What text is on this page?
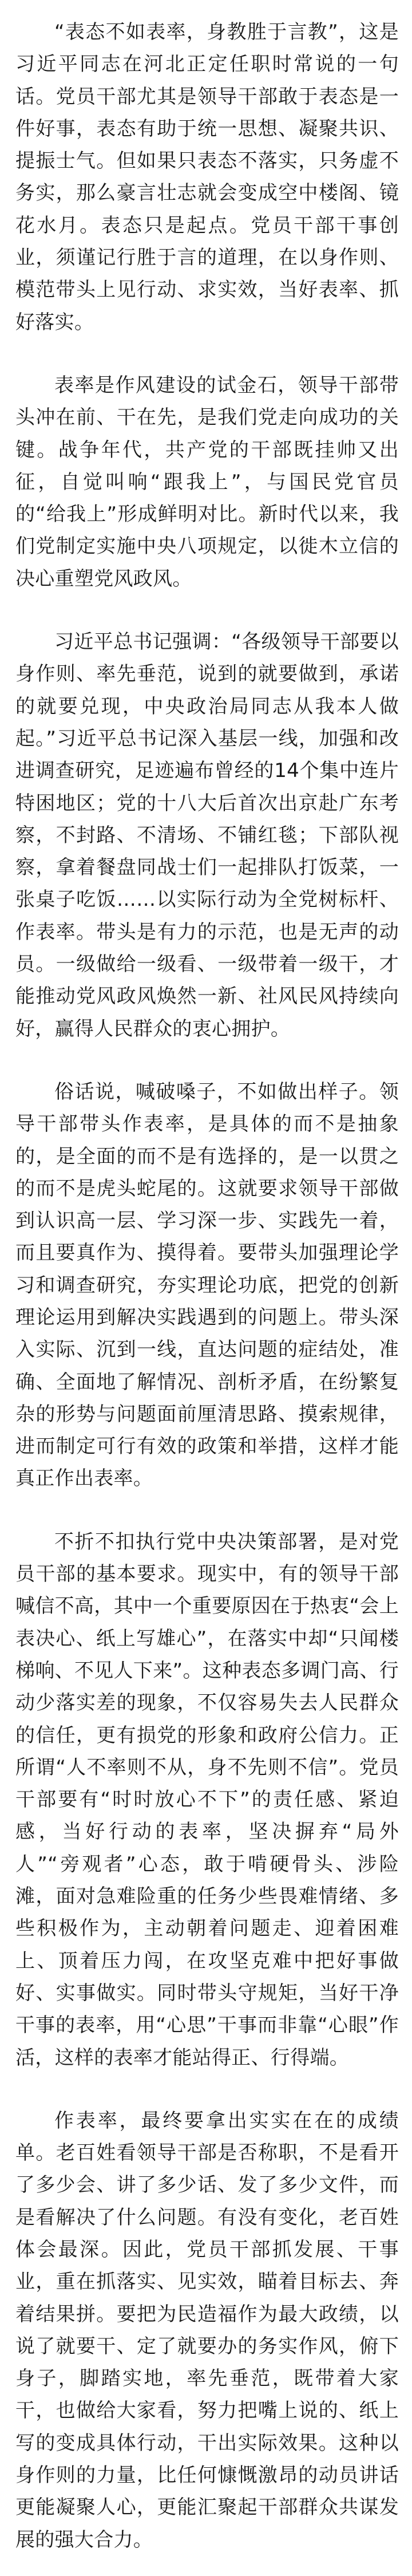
“表态不如表率，身教胜于言教”，这是习近平同志在河北正定任职时常说的一句话。党员干部尤其是领导干部敢于表态是一件好事，表态有助于统一思想、凝聚共识、提振士气。但如果只表态不落实，只务虚不务实，那么豪言壮志就会变成空中楼阁、镜花水月。表态只是起点。党员干部干事创业，须谨记行胜于言的道理，在以身作则、模范带头上见行动、求实效，当好表率、抓好落实。

表率是作风建设的试金石，领导干部带头冲在前、干在先，是我们党走向成功的关键。战争年代，共产党的干部既挂帅又出征，自觉叫响“跟我上”，与国民党官员的“给我上”形成鲜明对比。新时代以来，我们党制定实施中央八项规定，以徙木立信的决心重塑党风政风。

习近平总书记强调：“各级领导干部要以身作则、率先垂范，说到的就要做到，承诺的就要兑现，中央政治局同志从我本人做起。”习近平总书记深入基层一线，加强和改进调查研究，足迹遍布曾经的14个集中连片特困地区；党的十八大后首次出京赴广东考察，不封路、不清场、不铺红毯；下部队视察，拿着餐盘同战士们一起排队打饭菜，一张桌子吃饭……以实际行动为全党树标杆、作表率。带头是有力的示范，也是无声的动员。一级做给一级看、一级带着一级干，才能推动党风政风焕然一新、社风民风持续向好，赢得人民群众的衷心拥护。

俗话说，喊破嗓子，不如做出样子。领导干部带头作表率，是具体的而不是抽象的，是全面的而不是有选择的，是一以贯之的而不是虎头蛇尾的。这就要求领导干部做到认识高一层、学习深一步、实践先一着，而且要真作为、摸得着。要带头加强理论学习和调查研究，夯实理论功底，把党的创新理论运用到解决实践遇到的问题上。带头深入实际、沉到一线，直达问题的症结处，准确、全面地了解情况、剖析矛盾，在纷繁复杂的形势与问题面前厘清思路、摸索规律，进而制定可行有效的政策和举措，这样才能真正作出表率。

不折不扣执行党中央决策部署，是对党员干部的基本要求。现实中，有的领导干部喊信不高，其中一个重要原因在于热衷“会上表决心、纸上写雄心”，在落实中却“只闻楼梯响、不见人下来”。这种表态多调门高、行动少落实差的现象，不仅容易失去人民群众的信任，更有损党的形象和政府公信力。正所谓“人不率则不从，身不先则不信”。党员干部要有“时时放心不下”的责任感、紧迫感，当好行动的表率，坚决摒弃“局外人”“旁观者”心态，敢于啃硬骨头、涉险滩，面对急难险重的任务少些畏难情绪、多些积极作为，主动朝着问题走、迎着困难上、顶着压力闯，在攻坚克难中把好事做好、实事做实。同时带头守规矩，当好干净干事的表率，用“心思”干事而非靠“心眼”作活，这样的表率才能站得正、行得端。

作表率，最终要拿出实实在在的成绩单。老百姓看领导干部是否称职，不是看开了多少会、讲了多少话、发了多少文件，而是看解决了什么问题。有没有变化，老百姓体会最深。因此，党员干部抓发展、干事业，重在抓落实、见实效，瞄着目标去、奔着结果拼。要把为民造福作为最大政绩，以说了就要干、定了就要办的务实作风，俯下身子，脚踏实地，率先垂范，既带着大家干，也做给大家看，努力把嘴上说的、纸上写的变成具体行动，干出实际效果。这种以身作则的力量，比任何慷慨激昂的动员讲话更能凝聚人心，更能汇聚起干部群众共谋发展的强大合力。
